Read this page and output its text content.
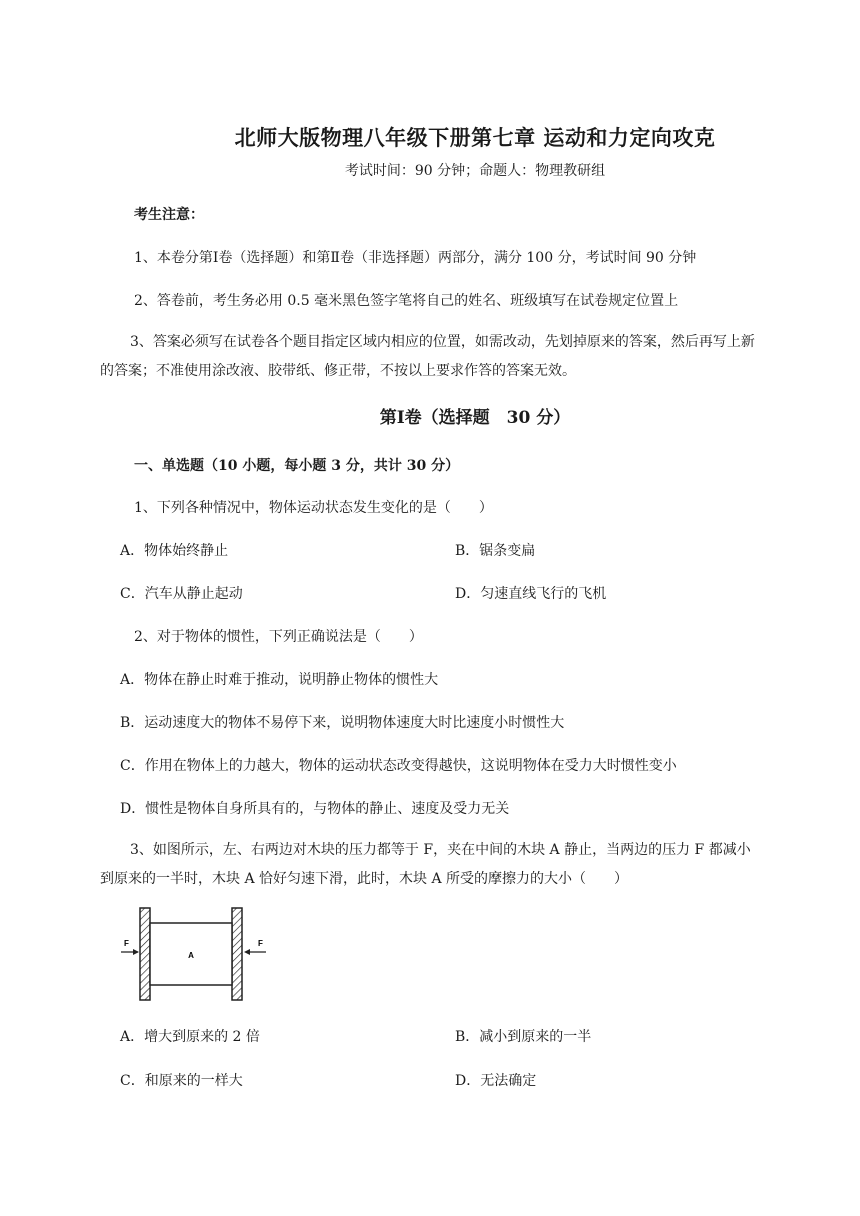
北师大版物理八年级下册第七章 运动和力定向攻克
考试时间：90 分钟；命题人：物理教研组
考生注意：
1、本卷分第Ⅰ卷（选择题）和第Ⅱ卷（非选择题）两部分，满分 100 分，考试时间 90 分钟
2、答卷前，考生务必用 0.5 毫米黑色签字笔将自己的姓名、班级填写在试卷规定位置上
3、答案必须写在试卷各个题目指定区域内相应的位置，如需改动，先划掉原来的答案，然后再写上新的答案；不准使用涂改液、胶带纸、修正带，不按以上要求作答的答案无效。
第Ⅰ卷（选择题　30 分）
一、单选题（10 小题，每小题 3 分，共计 30 分）
1、下列各种情况中，物体运动状态发生变化的是（　　）
A．物体始终静止	B．锯条变扁
C．汽车从静止起动	D．匀速直线飞行的飞机
2、对于物体的惯性，下列正确说法是（　　）
A．物体在静止时难于推动，说明静止物体的惯性大
B．运动速度大的物体不易停下来，说明物体速度大时比速度小时惯性大
C．作用在物体上的力越大，物体的运动状态改变得越快，这说明物体在受力大时惯性变小
D．惯性是物体自身所具有的，与物体的静止、速度及受力无关
3、如图所示，左、右两边对木块的压力都等于 F，夹在中间的木块 A 静止，当两边的压力 F 都减小到原来的一半时，木块 A 恰好匀速下滑，此时，木块 A 所受的摩擦力的大小（　　）
A
F	F
A．增大到原来的 2 倍	B．减小到原来的一半
C．和原来的一样大	D．无法确定
